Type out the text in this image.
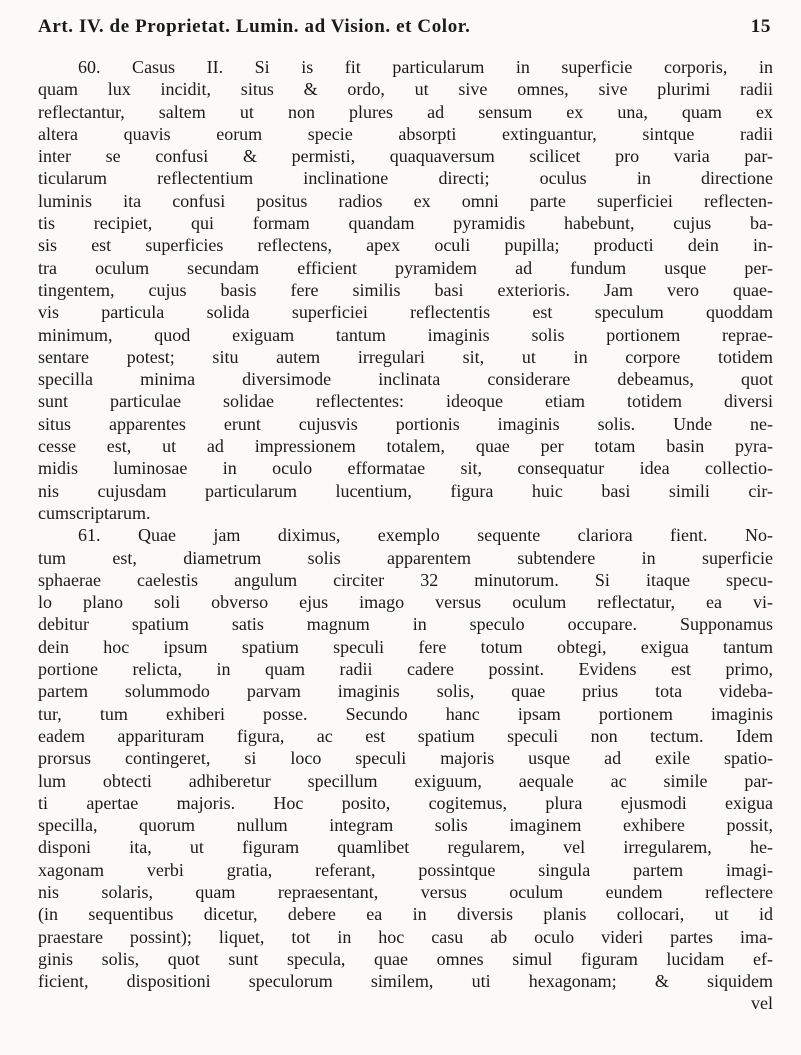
Art. IV. de Proprietat. Lumin. ad Vision. et Color.	15
60. Casus II. Si is fit particularum in superficie corporis, in
quam lux incidit, situs & ordo, ut sive omnes, sive plurimi radii
reflectantur, saltem ut non plures ad sensum ex una, quam ex
altera quavis eorum specie absorpti extinguantur, sintque radii
inter se confusi & permisti, quaquaversum scilicet pro varia par-
ticularum reflectentium inclinatione directi; oculus in directione
luminis ita confusi positus radios ex omni parte superficiei reflecten-
tis recipiet, qui formam quandam pyramidis habebunt, cujus ba-
sis est superficies reflectens, apex oculi pupilla; producti dein in-
tra oculum secundam efficient pyramidem ad fundum usque per-
tingentem, cujus basis fere similis basi exterioris. Jam vero quae-
vis particula solida superficiei reflectentis est speculum quoddam
minimum, quod exiguam tantum imaginis solis portionem reprae-
sentare potest; situ autem irregulari sit, ut in corpore totidem
specilla minima diversimode inclinata considerare debeamus, quot
sunt particulae solidae reflectentes: ideoque etiam totidem diversi
situs apparentes erunt cujusvis portionis imaginis solis. Unde ne-
cesse est, ut ad impressionem totalem, quae per totam basin pyra-
midis luminosae in oculo efformatae sit, consequatur idea collectio-
nis cujusdam particularum lucentium, figura huic basi simili cir-
cumscriptarum.
61. Quae jam diximus, exemplo sequente clariora fient. No-
tum est, diametrum solis apparentem subtendere in superficie
sphaerae caelestis angulum circiter 32 minutorum. Si itaque specu-
lo plano soli obverso ejus imago versus oculum reflectatur, ea vi-
debitur spatium satis magnum in speculo occupare. Supponamus
dein hoc ipsum spatium speculi fere totum obtegi, exigua tantum
portione relicta, in quam radii cadere possint. Evidens est primo,
partem solummodo parvam imaginis solis, quae prius tota videba-
tur, tum exhiberi posse. Secundo hanc ipsam portionem imaginis
eadem apparituram figura, ac est spatium speculi non tectum. Idem
prorsus contingeret, si loco speculi majoris usque ad exile spatio-
lum obtecti adhiberetur specillum exiguum, aequale ac simile par-
ti apertae majoris. Hoc posito, cogitemus, plura ejusmodi exigua
specilla, quorum nullum integram solis imaginem exhibere possit,
disponi ita, ut figuram quamlibet regularem, vel irregularem, he-
xagonam verbi gratia, referant, possintque singula partem imagi-
nis solaris, quam repraesentant, versus oculum eundem reflectere
(in sequentibus dicetur, debere ea in diversis planis collocari, ut id
praestare possint); liquet, tot in hoc casu ab oculo videri partes ima-
ginis solis, quot sunt specula, quae omnes simul figuram lucidam ef-
ficient, dispositioni speculorum similem, uti hexagonam; & siquidem
vel
